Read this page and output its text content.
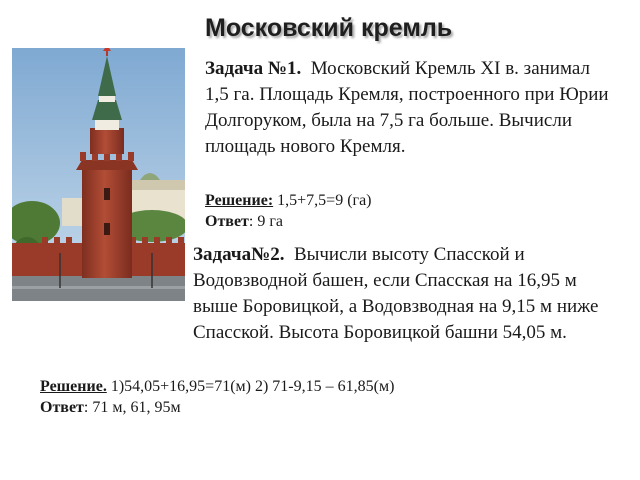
Московский кремль
Задача №1. Московский Кремль XI в. занимал 1,5 га. Площадь Кремля, построенного при Юрии Долгоруком, была на 7,5 га больше. Вычисли площадь нового Кремля.
Решение: 1,5+7,5=9 (га)
Ответ: 9 га
Задача№2. Вычисли высоту Спасской и Водовзводной башен, если Спасская на 16,95 м выше Боровицкой, а Водовзводная на 9,15 м ниже Спасской. Высота Боровицкой башни 54,05 м.
Решение. 1)54,05+16,95=71(м) 2) 71-9,15 – 61,85(м)
Ответ: 71 м, 61, 95м
